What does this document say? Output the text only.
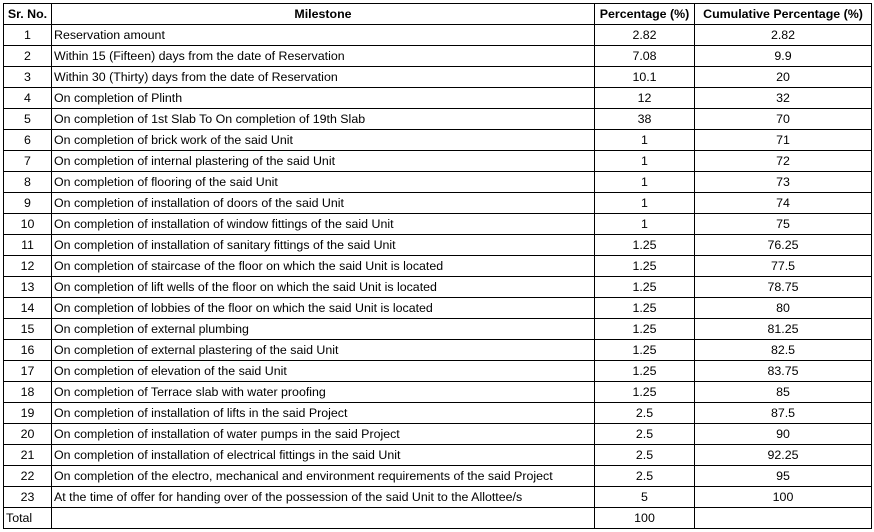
Sr. No.	Milestone	Percentage (%)	Cumulative Percentage (%)
1	Reservation amount	2.82	2.82
2	Within 15 (Fifteen) days from the date of Reservation	7.08	9.9
3	Within 30 (Thirty) days from the date of Reservation	10.1	20
4	On completion of Plinth	12	32
5	On completion of 1st Slab To On completion of 19th Slab	38	70
6	On completion of brick work of the said Unit	1	71
7	On completion of internal plastering of the said Unit	1	72
8	On completion of flooring of the said Unit	1	73
9	On completion of installation of doors of the said Unit	1	74
10	On completion of installation of window fittings of the said Unit	1	75
11	On completion of installation of sanitary fittings of the said Unit	1.25	76.25
12	On completion of staircase of the floor on which the said Unit is located	1.25	77.5
13	On completion of lift wells of the floor on which the said Unit is located	1.25	78.75
14	On completion of lobbies of the floor on which the said Unit is located	1.25	80
15	On completion of external plumbing	1.25	81.25
16	On completion of external plastering of the said Unit	1.25	82.5
17	On completion of elevation of the said Unit	1.25	83.75
18	On completion of Terrace slab with water proofing	1.25	85
19	On completion of installation of lifts in the said Project	2.5	87.5
20	On completion of installation of water pumps in the said Project	2.5	90
21	On completion of installation of electrical fittings in the said Unit	2.5	92.25
22	On completion of the electro, mechanical and environment requirements of the said Project	2.5	95
23	At the time of offer for handing over of the possession of the said Unit to the Allottee/s	5	100
Total		100	
